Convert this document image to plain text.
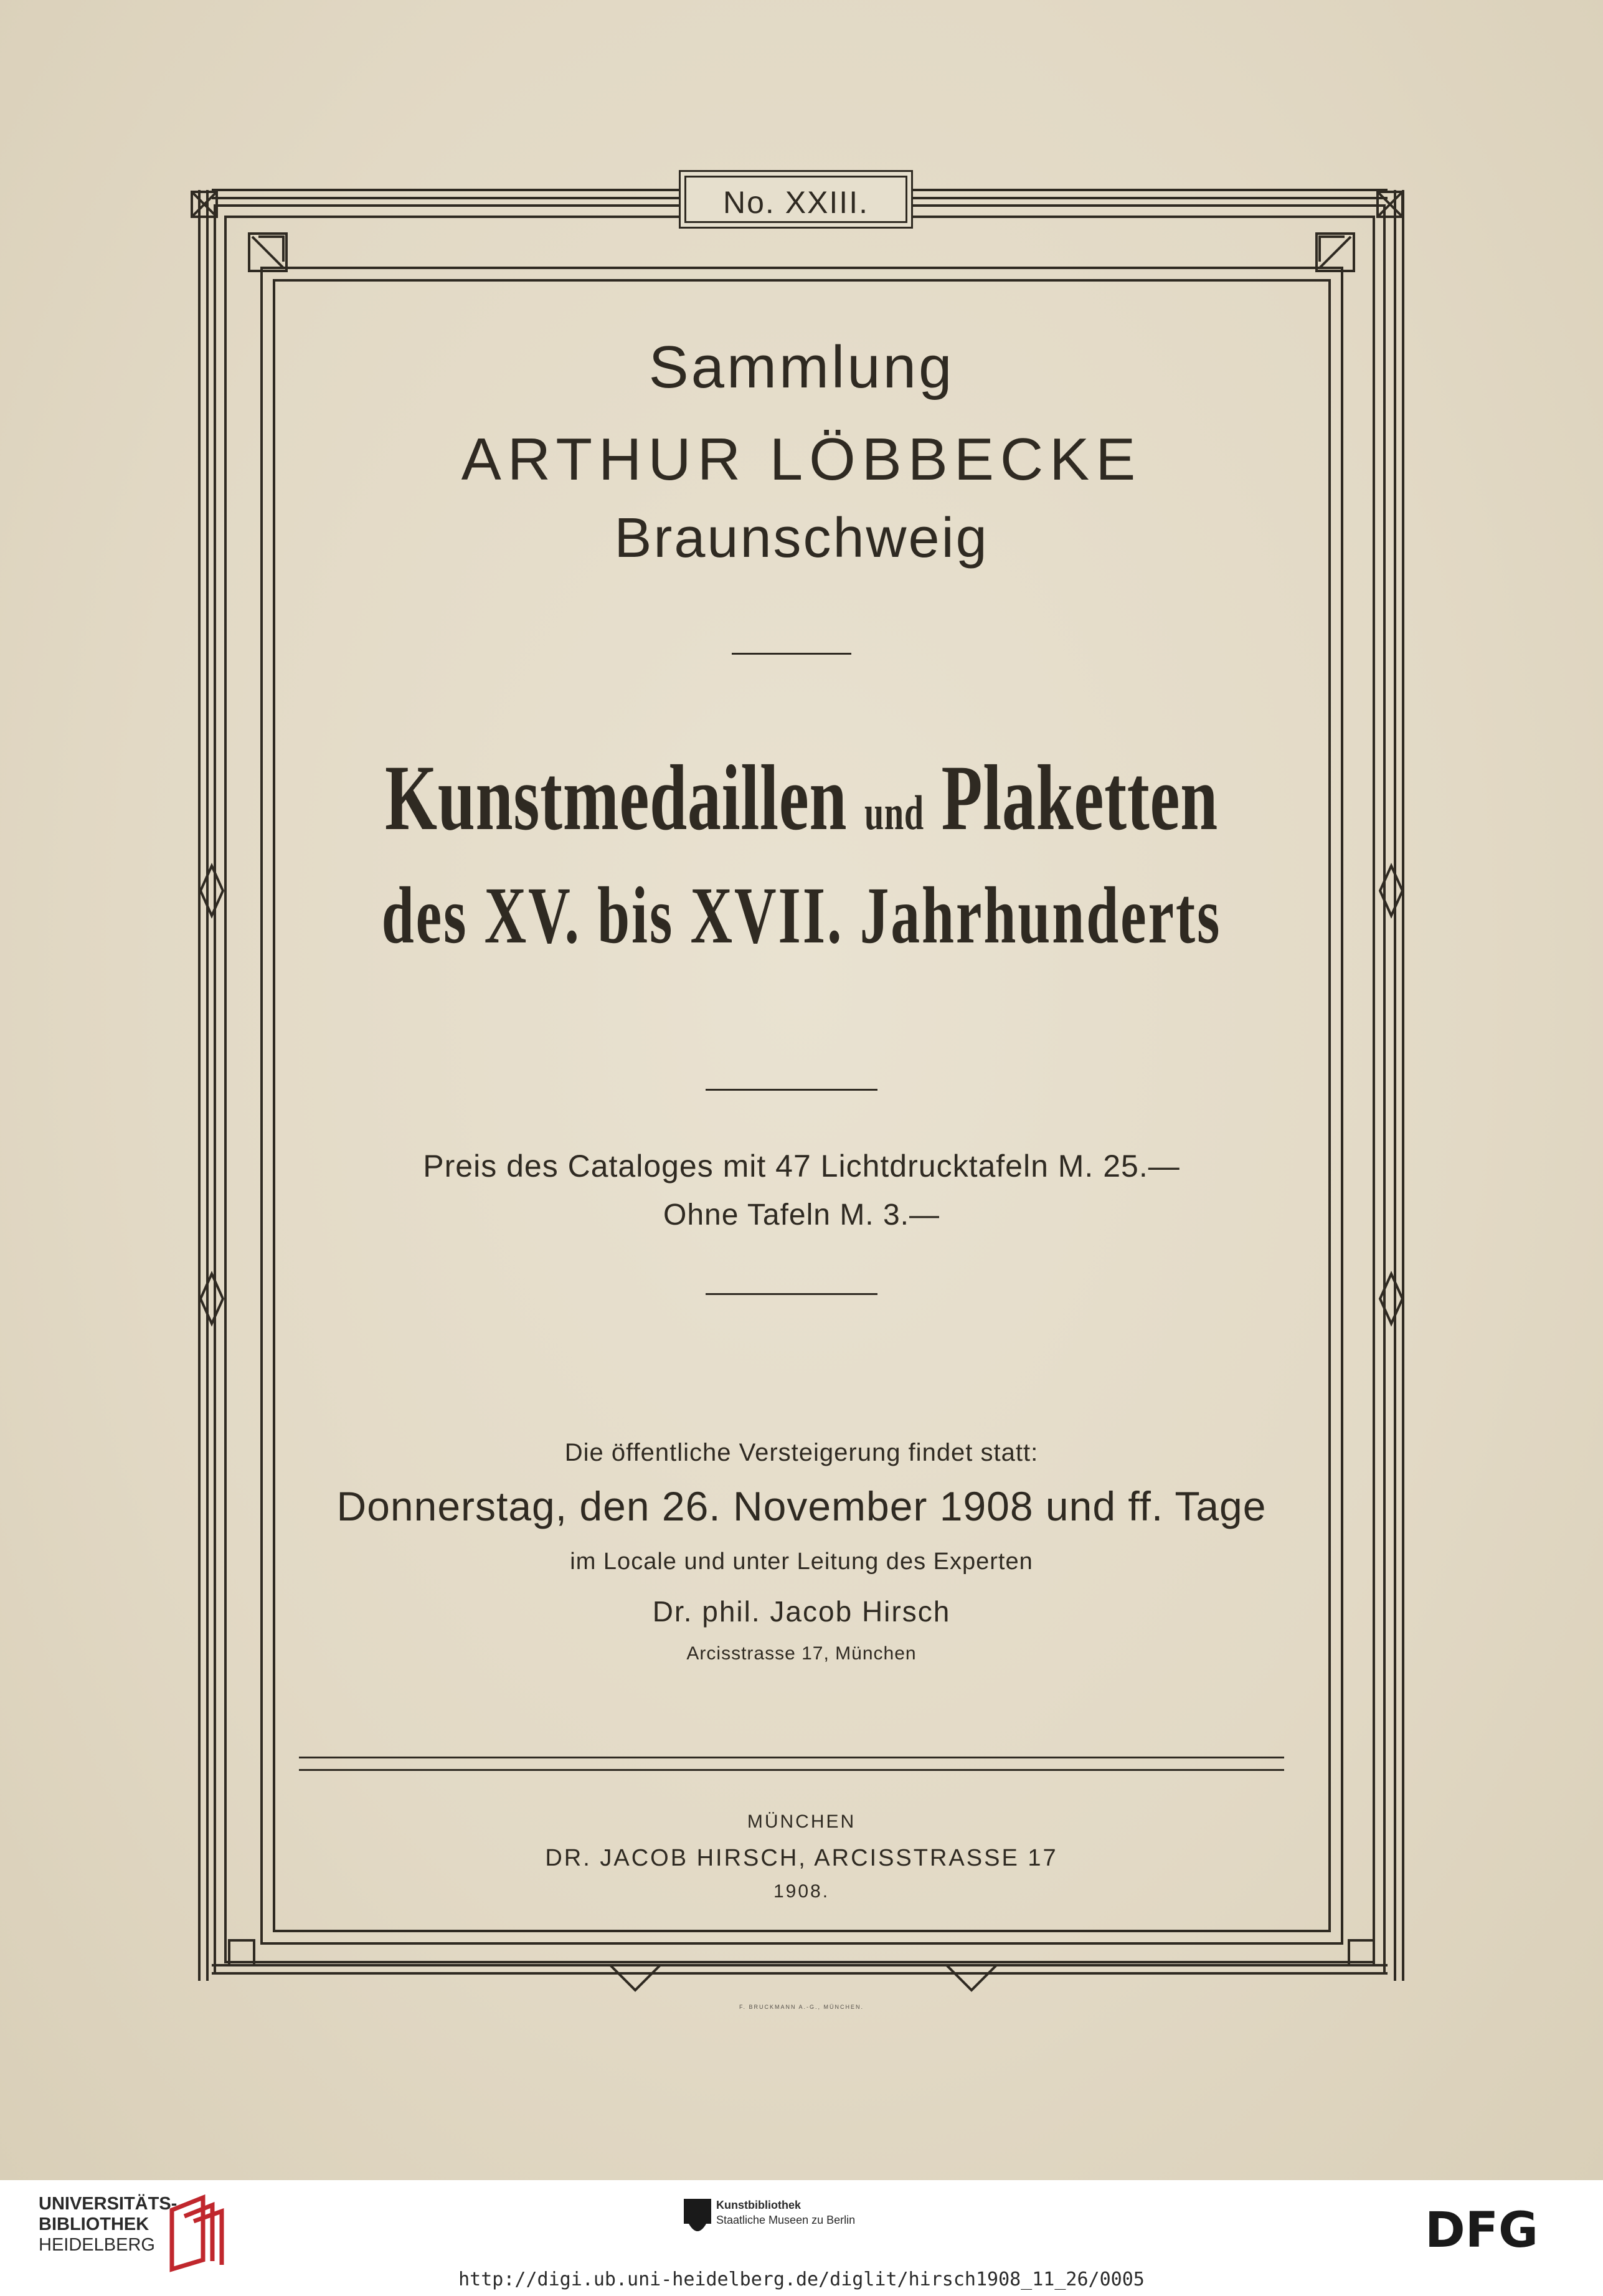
No. XXIII.
Sammlung
ARTHUR LÖBBECKE
Braunschweig
Kunstmedaillen und Plaketten
des XV. bis XVII. Jahrhunderts
Preis des Cataloges mit 47 Lichtdrucktafeln M. 25.—
Ohne Tafeln M. 3.—
Die öffentliche Versteigerung findet statt:
Donnerstag, den 26. November 1908 und ff. Tage
im Locale und unter Leitung des Experten
Dr. phil. Jacob Hirsch
Arcisstrasse 17, München
MÜNCHEN
DR. JACOB HIRSCH, ARCISSTRASSE 17
1908.
F. BRUCKMANN A.-G., MÜNCHEN.
UNIVERSITÄTS-
BIBLIOTHEK
HEIDELBERG
Kunstbibliothek
Staatliche Museen zu Berlin	DFG
http://digi.ub.uni-heidelberg.de/diglit/hirsch1908_11_26/0005
